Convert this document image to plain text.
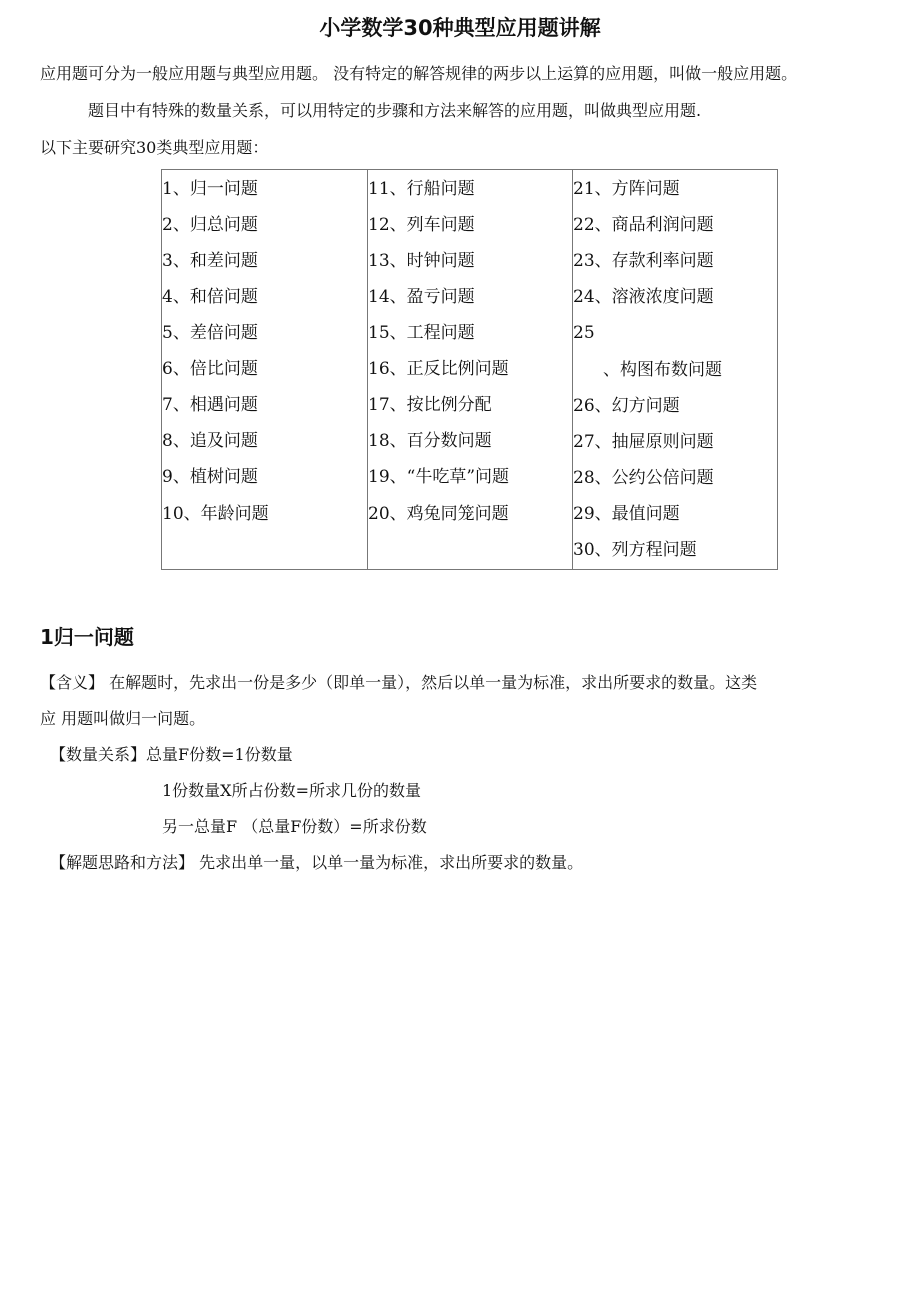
小学数学30种典型应用题讲解
应用题可分为一般应用题与典型应用题。 没有特定的解答规律的两步以上运算的应用题，叫做一般应用题。
题目中有特殊的数量关系，可以用特定的步骤和方法来解答的应用题，叫做典型应用题.
以下主要研究30类典型应用题：
1、归一问题
2、归总问题
3、和差问题
4、和倍问题
5、差倍问题
6、倍比问题
7、相遇问题
8、追及问题
9、植树问题
10、年龄问题
11、行船问题
12、列车问题
13、时钟问题
14、盈亏问题
15、工程问题
16、正反比例问题
17、按比例分配
18、百分数问题
19、“牛吃草”问题
20、鸡兔同笼问题
21、方阵问题
22、商品利润问题
23、存款利率问题
24、溶液浓度问题
25
、构图布数问题
26、幻方问题
27、抽屉原则问题
28、公约公倍问题
29、最值问题
30、列方程问题
1归一问题
【含义】 在解题时，先求出一份是多少（即单一量），然后以单一量为标准，求出所要求的数量。这类
应 用题叫做归一问题。
【数量关系】总量F份数=1份数量
1份数量X所占份数=所求几份的数量
另一总量F （总量F份数）=所求份数
【解题思路和方法】 先求出单一量，以单一量为标准，求出所要求的数量。
